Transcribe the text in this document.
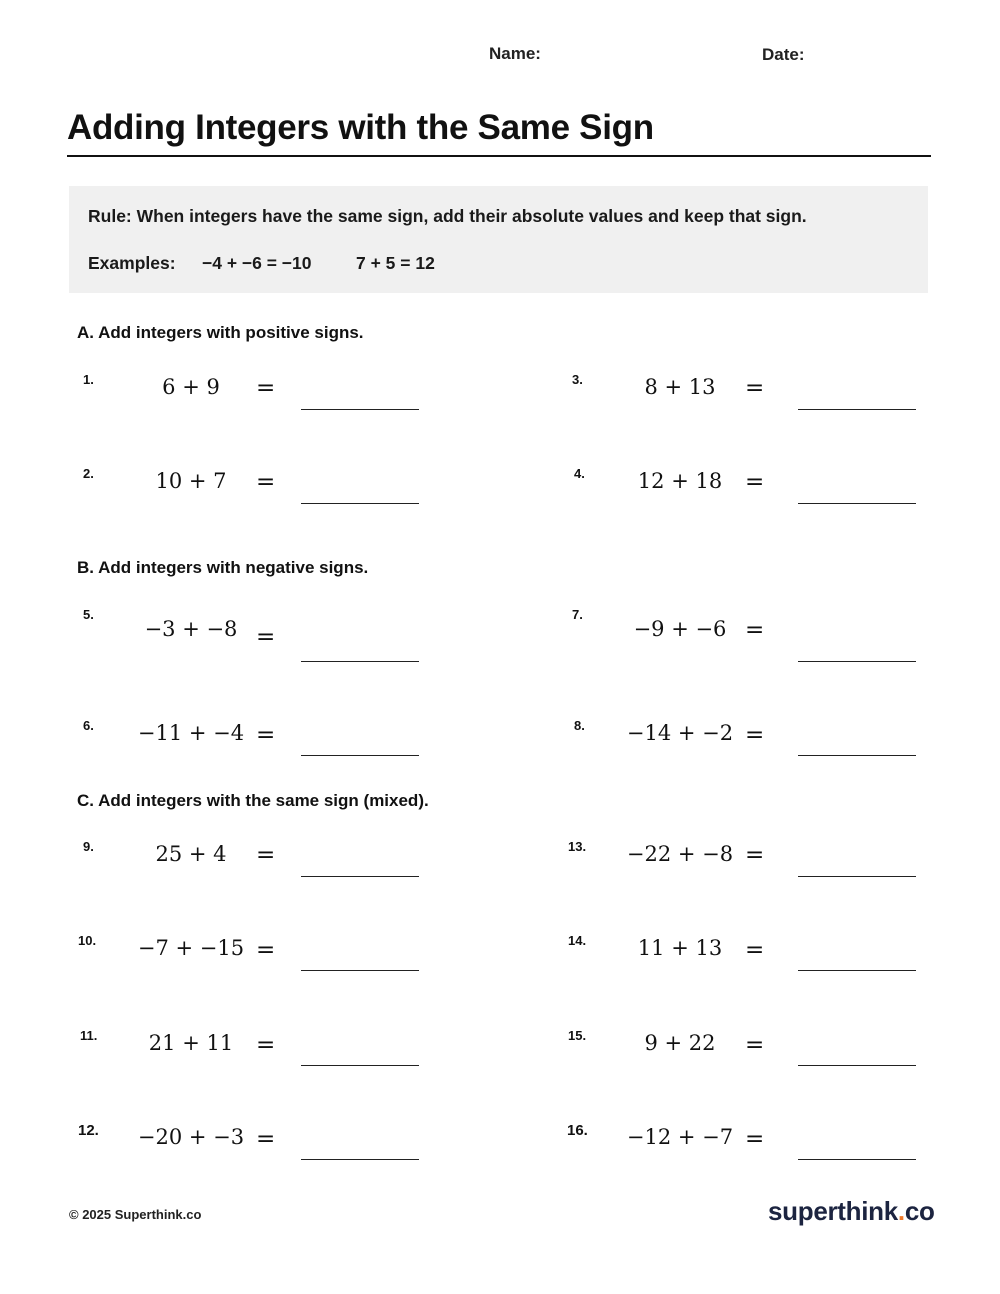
Name:	Date:
Adding Integers with the Same Sign
Rule: When integers have the same sign, add their absolute values and keep that sign.
Examples: −4 + −6 = −10	7 + 5 = 12
A. Add integers with positive signs.
B. Add integers with negative signs.
C. Add integers with the same sign (mixed).
1.	6 + 9	=
2.	10 + 7	=
5.
−3 + −8 =
6.	−11 + −4 =
9.	25 + 4	=
10.	−7 + −15 =
11.	21 + 11 =
12.	−20 + −3 =
3.	8 + 13	=
4.	12 + 18 =
7.
−9 + −6 =
8.	−14 + −2 =
13.	−22 + −8 =
14.	11 + 13 =
15.	9 + 22	=
16.	−12 + −7 =
© 2025 Superthink.co	superthink.co
